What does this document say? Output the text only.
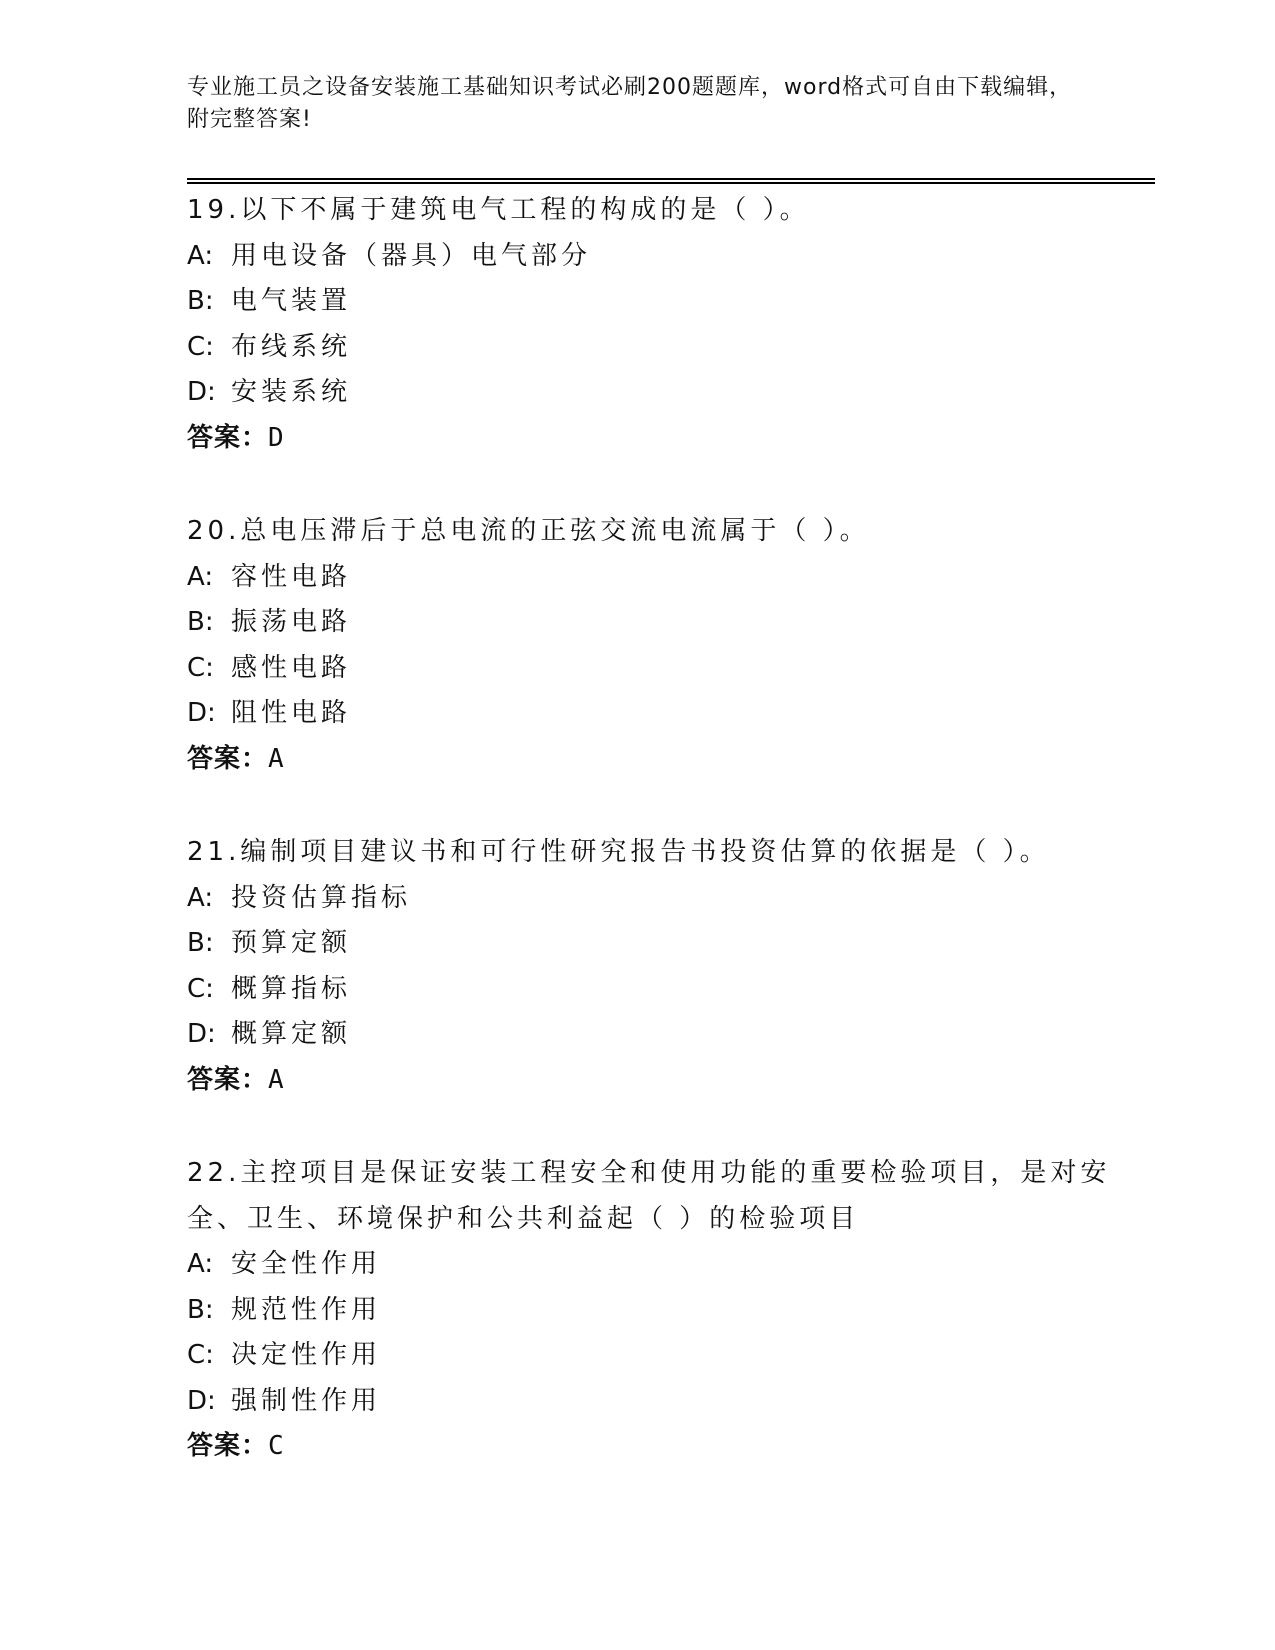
专业施工员之设备安装施工基础知识考试必刷200题题库，word格式可自由下载编辑，附完整答案!
19.以下不属于建筑电气工程的构成的是（ ）。
A: 用电设备（器具）电气部分
B: 电气装置
C: 布线系统
D: 安装系统
答案：D
20.总电压滞后于总电流的正弦交流电流属于（ ）。
A: 容性电路
B: 振荡电路
C: 感性电路
D: 阻性电路
答案：A
21.编制项目建议书和可行性研究报告书投资估算的依据是（ ）。
A: 投资估算指标
B: 预算定额
C: 概算指标
D: 概算定额
答案：A
22.主控项目是保证安装工程安全和使用功能的重要检验项目，是对安全、卫生、环境保护和公共利益起（ ）的检验项目
A: 安全性作用
B: 规范性作用
C: 决定性作用
D: 强制性作用
答案：C
